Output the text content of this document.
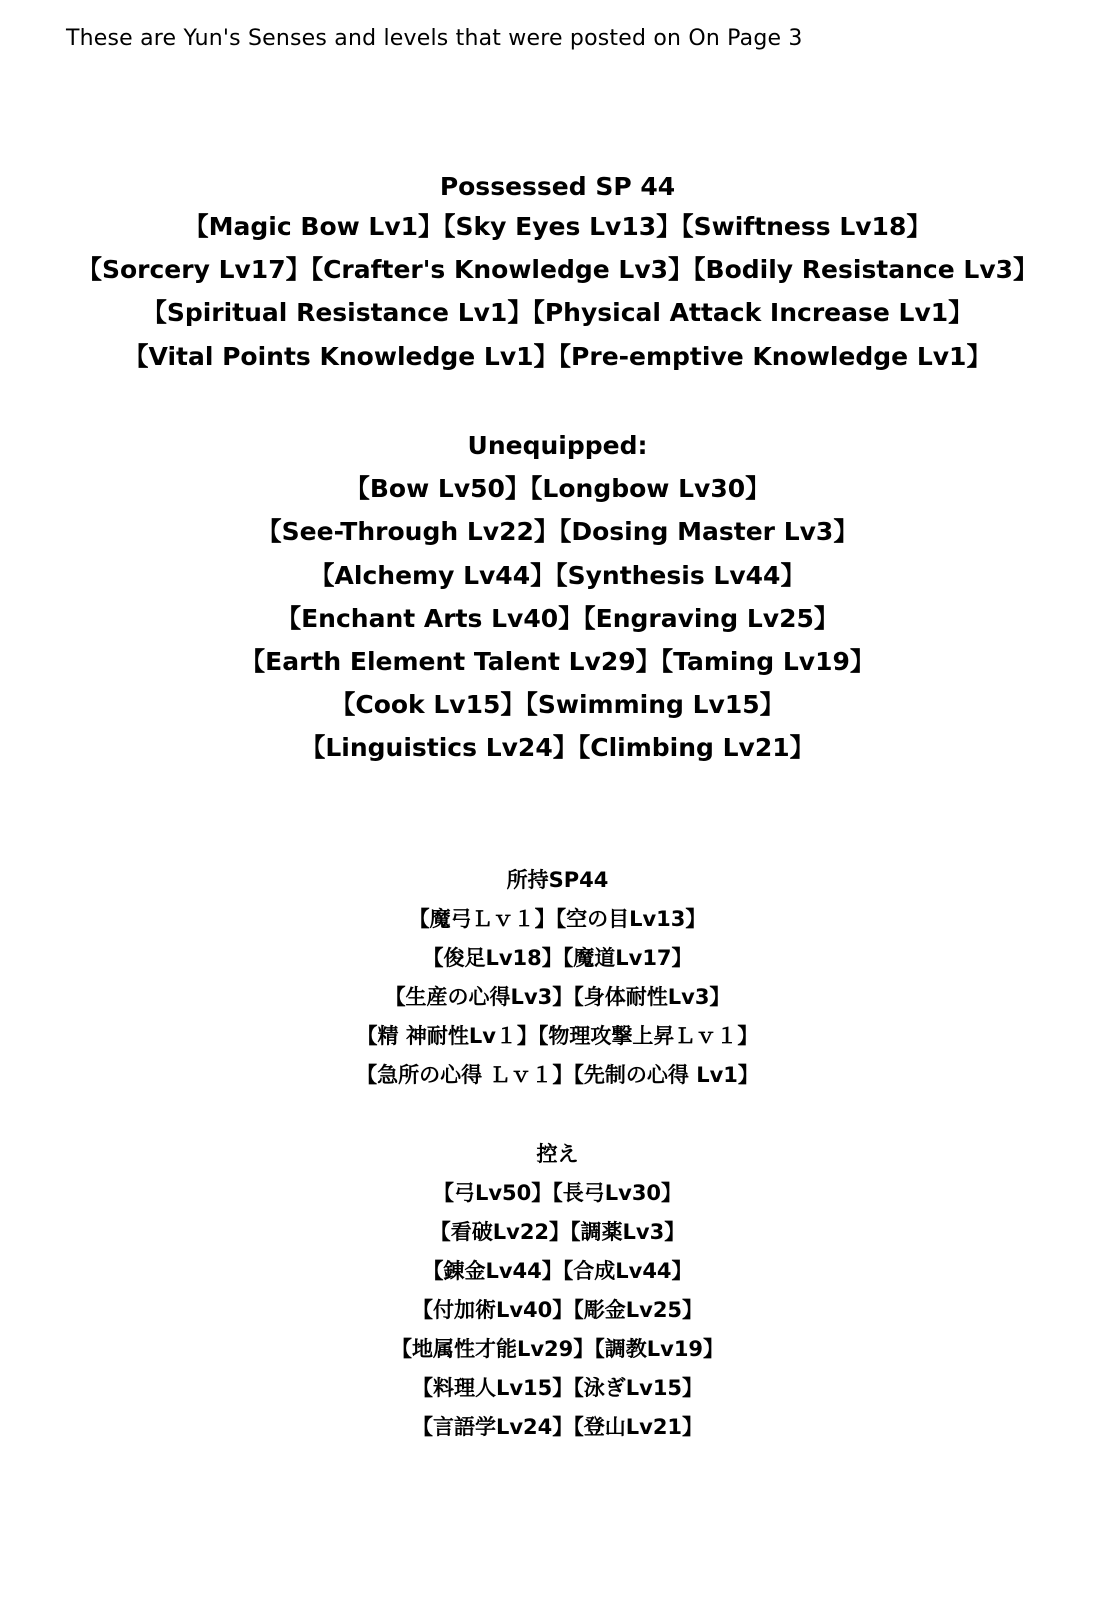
These are Yun's Senses and levels that were posted on On Page 3
Possessed SP 44
【Magic Bow Lv1】【Sky Eyes Lv13】【Swiftness Lv18】
【Sorcery Lv17】【Crafter's Knowledge Lv3】【Bodily Resistance Lv3】
【Spiritual Resistance Lv1】【Physical Attack Increase Lv1】
【Vital Points Knowledge Lv1】【Pre-emptive Knowledge Lv1】
Unequipped:
【Bow Lv50】【Longbow Lv30】
【See-Through Lv22】【Dosing Master Lv3】
【Alchemy Lv44】【Synthesis Lv44】
【Enchant Arts Lv40】【Engraving Lv25】
【Earth Element Talent Lv29】【Taming Lv19】
【Cook Lv15】【Swimming Lv15】
【Linguistics Lv24】【Climbing Lv21】
所持SP44
【魔弓Ｌｖ１】【空の目Lv13】
【俊足Lv18】【魔道Lv17】
【生産の心得Lv3】【身体耐性Lv3】
【精 神耐性Lv１】【物理攻撃上昇Ｌｖ１】
【急所の心得 Ｌｖ１】【先制の心得 Lv1】
控え
【弓Lv50】【長弓Lv30】
【看破Lv22】【調薬Lv3】
【錬金Lv44】【合成Lv44】
【付加術Lv40】【彫金Lv25】
【地属性才能Lv29】【調教Lv19】
【料理人Lv15】【泳ぎLv15】
【言語学Lv24】【登山Lv21】
